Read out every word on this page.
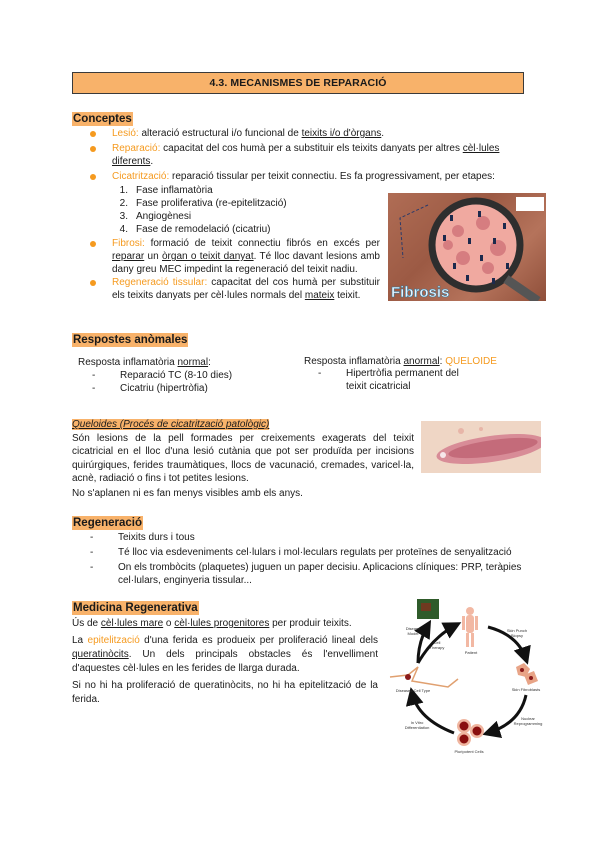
4.3. MECANISMES DE REPARACIÓ
Conceptes
Lesió: alteració estructural i/o funcional de teixits i/o d'òrgans.
Reparació: capacitat del cos humà per a substituir els teixits danyats per altres cèl·lules diferents.
Cicatrització: reparació tissular per teixit connectiu. Es fa progressivament, per etapes:
1. Fase inflamatòria
2. Fase proliferativa (re-epitelització)
3. Angiogènesi
4. Fase de remodelació (cicatriu)
Fibrosi: formació de teixit connectiu fibrós en excés per reparar un òrgan o teixit danyat. Té lloc davant lesions amb dany greu MEC impedint la regeneració del teixit nadiu.
Regeneració tissular: capacitat del cos humà per substituir els teixits danyats per cèl·lules normals del mateix teixit.	Fibrosis
Respostes anòmales
Resposta inflamatòria normal:
-	Reparació TC (8-10 dies)
-	Cicatriu (hipertròfia)
Resposta inflamatòria anormal: QUELOIDE
-	Hipertròfia permanent del teixit cicatricial
Queloides (Procés de cicatrització patològic)

Són lesions de la pell formades per creixements exagerats del teixit cicatricial en el lloc d'una lesió cutània que pot ser produïda per incisions quirúrgiques, ferides traumàtiques, llocs de vacunació, cremades, varicel·la, acnè, radiació o fins i tot petites lesions.

No s'aplanen ni es fan menys visibles amb els anys.

Regeneració
-	Teixits durs i tous
-	Té lloc via esdeveniments cel·lulars i mol·leculars regulats per proteïnes de senyalització
-	On els trombòcits (plaquetes) juguen un paper decisiu. Aplicacions clíniques: PRP, teràpies cel·lulars, enginyeria tissular...
Medicina Regenerativa

Ús de cèl·lules mare o cèl·lules progenitores per produir teixits.

La epitelització d'una ferida es produeix per proliferació lineal dels queratinòcits. Un dels principals obstacles és l'envelliment d'aquestes cèl·lules en les ferides de llarga durada.

Si no hi ha proliferació de queratinòcits, no hi ha epitelització de la ferida.

Disease Model
Cell Therapy
Patient
Skin Punch Biopsy
Skin Fibroblasts
Nuclear Reprogramming
Pluripotent Cells
In Vitro Differentiation
Diseased Cell Type
